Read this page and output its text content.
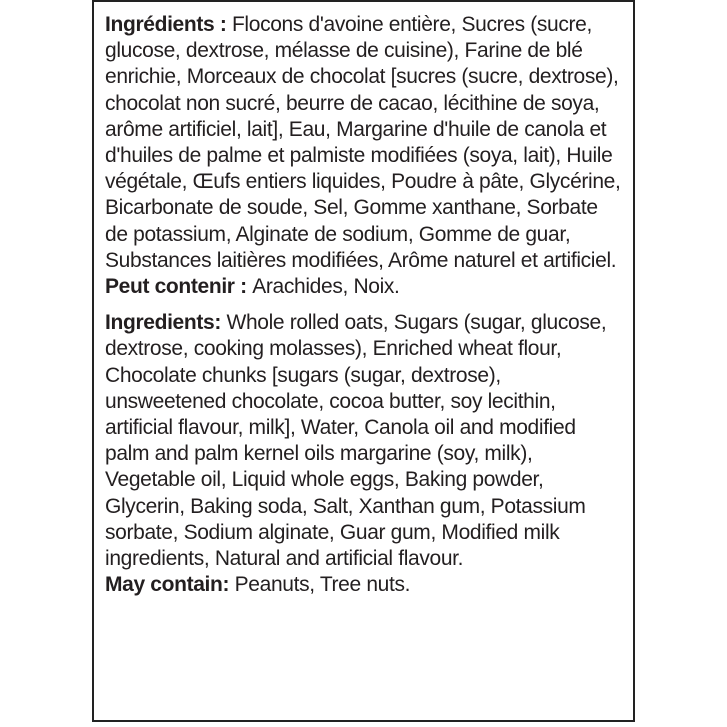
Ingrédients : Flocons d'avoine entière, Sucres (sucre, glucose, dextrose, mélasse de cuisine), Farine de blé enrichie, Morceaux de chocolat [sucres (sucre, dextrose), chocolat non sucré, beurre de cacao, lécithine de soya, arôme artificiel, lait], Eau, Margarine d'huile de canola et d'huiles de palme et palmiste modifiées (soya, lait), Huile végétale, Œufs entiers liquides, Poudre à pâte, Glycérine, Bicarbonate de soude, Sel, Gomme xanthane, Sorbate de potassium, Alginate de sodium, Gomme de guar, Substances laitières modifiées, Arôme naturel et artificiel.

Peut contenir : Arachides, Noix.

Ingredients: Whole rolled oats, Sugars (sugar, glucose, dextrose, cooking molasses), Enriched wheat flour, Chocolate chunks [sugars (sugar, dextrose), unsweetened chocolate, cocoa butter, soy lecithin, artificial flavour, milk], Water, Canola oil and modified palm and palm kernel oils margarine (soy, milk), Vegetable oil, Liquid whole eggs, Baking powder, Glycerin, Baking soda, Salt, Xanthan gum, Potassium sorbate, Sodium alginate, Guar gum, Modified milk ingredients, Natural and artificial flavour.

May contain: Peanuts, Tree nuts.
